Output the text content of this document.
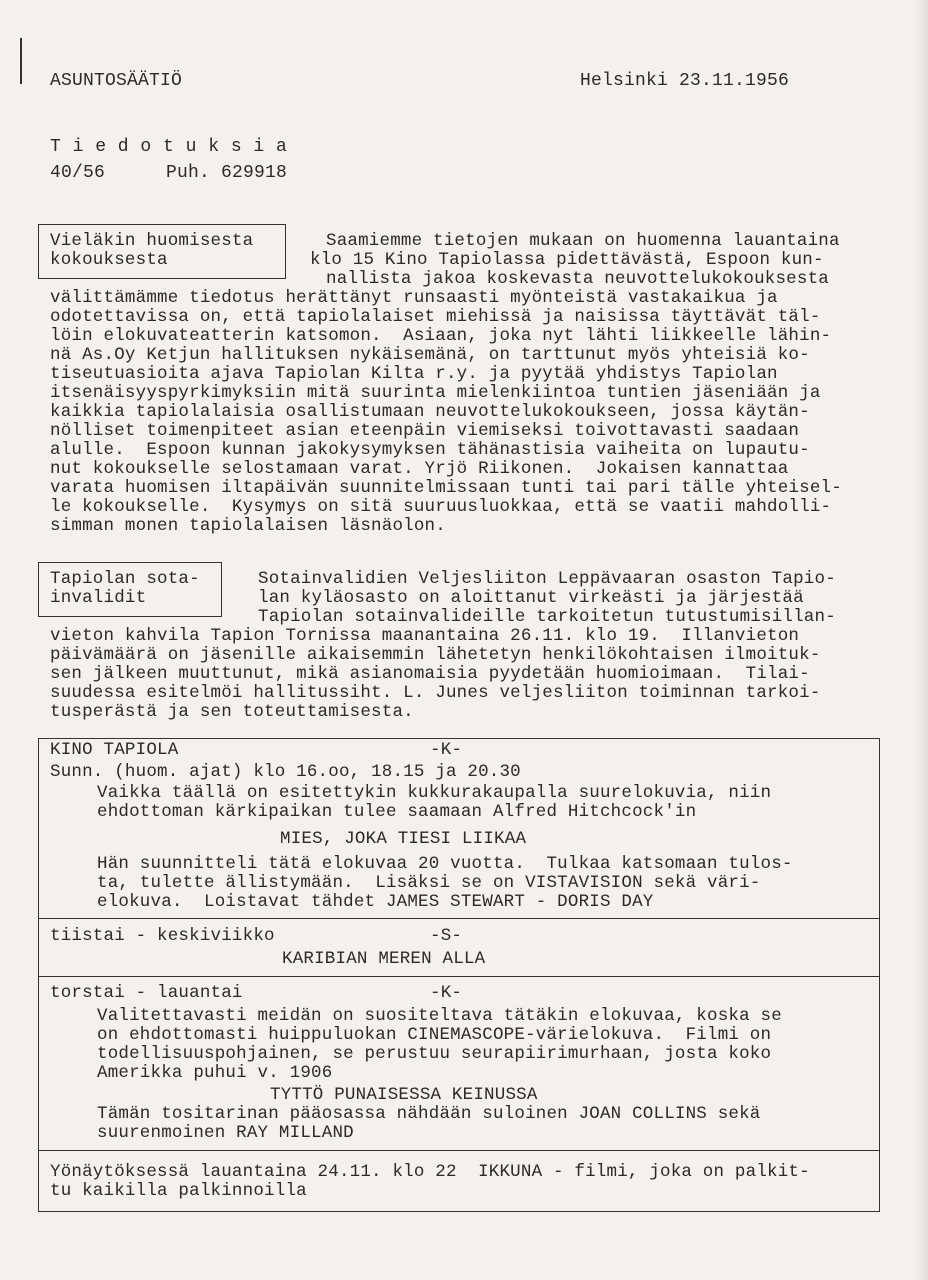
ASUNTOSÄÄTIÖ	Helsinki 23.11.1956
T i e d o t u k s i a
40/56	Puh. 629918
Vieläkin huomisesta
kokouksesta
Saamiemme tietojen mukaan on huomenna lauantaina
klo 15 Kino Tapiolassa pidettävästä, Espoon kun-
nallista jakoa koskevasta neuvottelukokouksesta
välittämämme tiedotus herättänyt runsaasti myönteistä vastakaikua ja
odotettavissa on, että tapiolalaiset miehissä ja naisissa täyttävät täl-
löin elokuvateatterin katsomon.  Asiaan, joka nyt lähti liikkeelle lähin-
nä As.Oy Ketjun hallituksen nykäisemänä, on tarttunut myös yhteisiä ko-
tiseutuasioita ajava Tapiolan Kilta r.y. ja pyytää yhdistys Tapiolan
itsenäisyyspyrkimyksiin mitä suurinta mielenkiintoa tuntien jäseniään ja
kaikkia tapiolalaisia osallistumaan neuvottelukokoukseen, jossa käytän-
nölliset toimenpiteet asian eteenpäin viemiseksi toivottavasti saadaan
alulle.  Espoon kunnan jakokysymyksen tähänastisia vaiheita on lupautu-
nut kokoukselle selostamaan varat. Yrjö Riikonen.  Jokaisen kannattaa
varata huomisen iltapäivän suunnitelmissaan tunti tai pari tälle yhteisel-
le kokoukselle.  Kysymys on sitä suuruusluokkaa, että se vaatii mahdolli-
simman monen tapiolalaisen läsnäolon.
Tapiolan sota-
invalidit
Sotainvalidien Veljesliiton Leppävaaran osaston Tapio-
lan kyläosasto on aloittanut virkeästi ja järjestää
Tapiolan sotainvalideille tarkoitetun tutustumisillan-
vieton kahvila Tapion Tornissa maanantaina 26.11. klo 19.  Illanvieton
päivämäärä on jäsenille aikaisemmin lähetetyn henkilökohtaisen ilmoituk-
sen jälkeen muuttunut, mikä asianomaisia pyydetään huomioimaan.  Tilai-
suudessa esitelmöi hallitussiht. L. Junes veljesliiton toiminnan tarkoi-
tusperästä ja sen toteuttamisesta.
KINO TAPIOLA	-K-
Sunn. (huom. ajat) klo 16.oo, 18.15 ja 20.30
Vaikka täällä on esitettykin kukkurakaupalla suurelokuvia, niin
ehdottoman kärkipaikan tulee saamaan Alfred Hitchcock'in
MIES, JOKA TIESI LIIKAA
Hän suunnitteli tätä elokuvaa 20 vuotta.  Tulkaa katsomaan tulos-
ta, tulette ällistymään.  Lisäksi se on VISTAVISION sekä väri-
elokuva.  Loistavat tähdet JAMES STEWART - DORIS DAY
tiistai - keskiviikko	-S-
KARIBIAN MEREN ALLA
torstai - lauantai	-K-
Valitettavasti meidän on suositeltava tätäkin elokuvaa, koska se
on ehdottomasti huippuluokan CINEMASCOPE-värielokuva.  Filmi on
todellisuuspohjainen, se perustuu seurapiirimurhaan, josta koko
Amerikka puhui v. 1906
TYTTÖ PUNAISESSA KEINUSSA
Tämän tositarinan pääosassa nähdään suloinen JOAN COLLINS sekä
suurenmoinen RAY MILLAND
Yönäytöksessä lauantaina 24.11. klo 22  IKKUNA - filmi, joka on palkit-
tu kaikilla palkinnoilla
